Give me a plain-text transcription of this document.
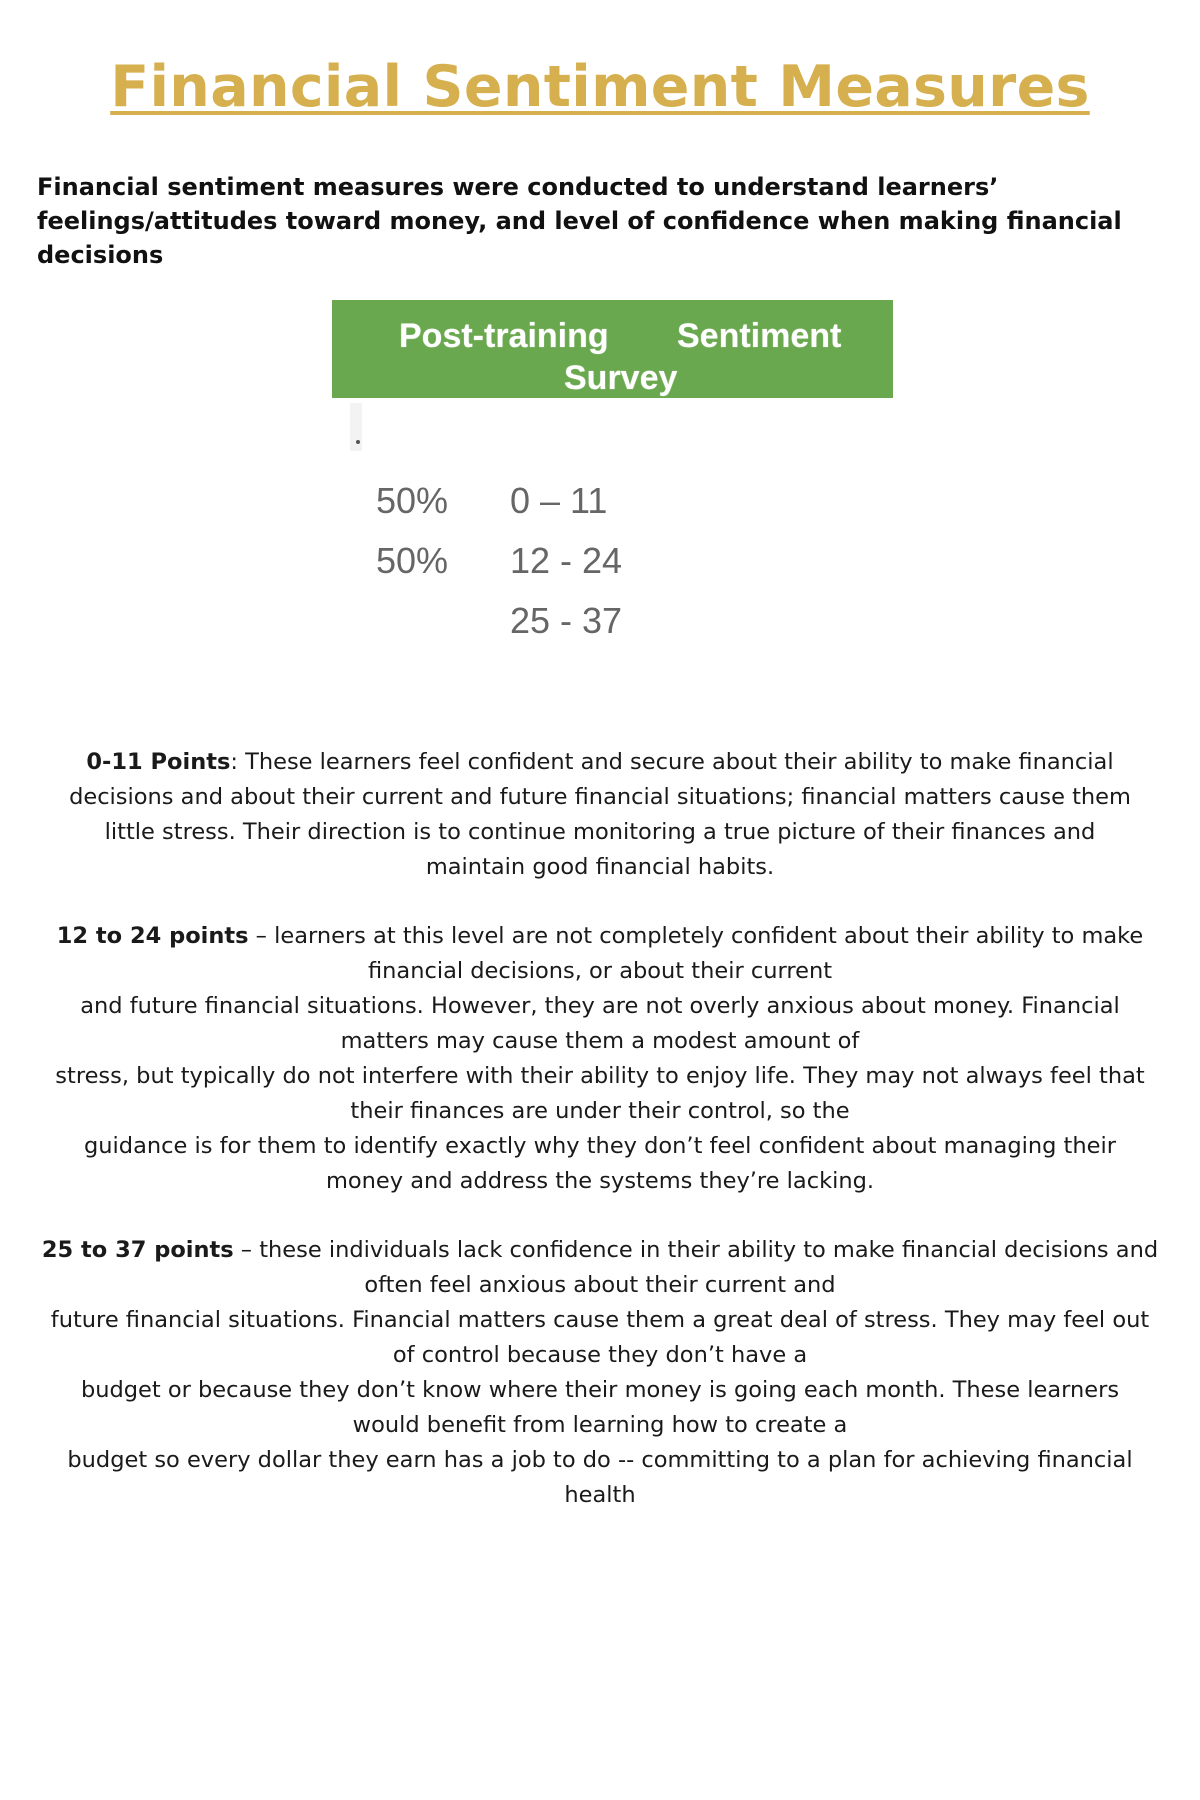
Financial Sentiment Measures

Financial sentiment measures were conducted to understand learners’ feelings/attitudes toward money, and level of confidence when making financial decisions

Post-training Sentiment
Survey
50% 0 – 11
50% 12 - 24
25 - 37

0-11 Points: These learners feel confident and secure about their ability to make financial
decisions and about their current and future financial situations; financial matters cause them
little stress. Their direction is to continue monitoring a true picture of their finances and
maintain good financial habits.

12 to 24 points – learners at this level are not completely confident about their ability to make
financial decisions, or about their current
and future financial situations. However, they are not overly anxious about money. Financial
matters may cause them a modest amount of
stress, but typically do not interfere with their ability to enjoy life. They may not always feel that
their finances are under their control, so the
guidance is for them to identify exactly why they don’t feel confident about managing their
money and address the systems they’re lacking.

25 to 37 points – these individuals lack confidence in their ability to make financial decisions and
often feel anxious about their current and
future financial situations. Financial matters cause them a great deal of stress. They may feel out
of control because they don’t have a
budget or because they don’t know where their money is going each month. These learners
would benefit from learning how to create a
budget so every dollar they earn has a job to do -- committing to a plan for achieving financial
health
